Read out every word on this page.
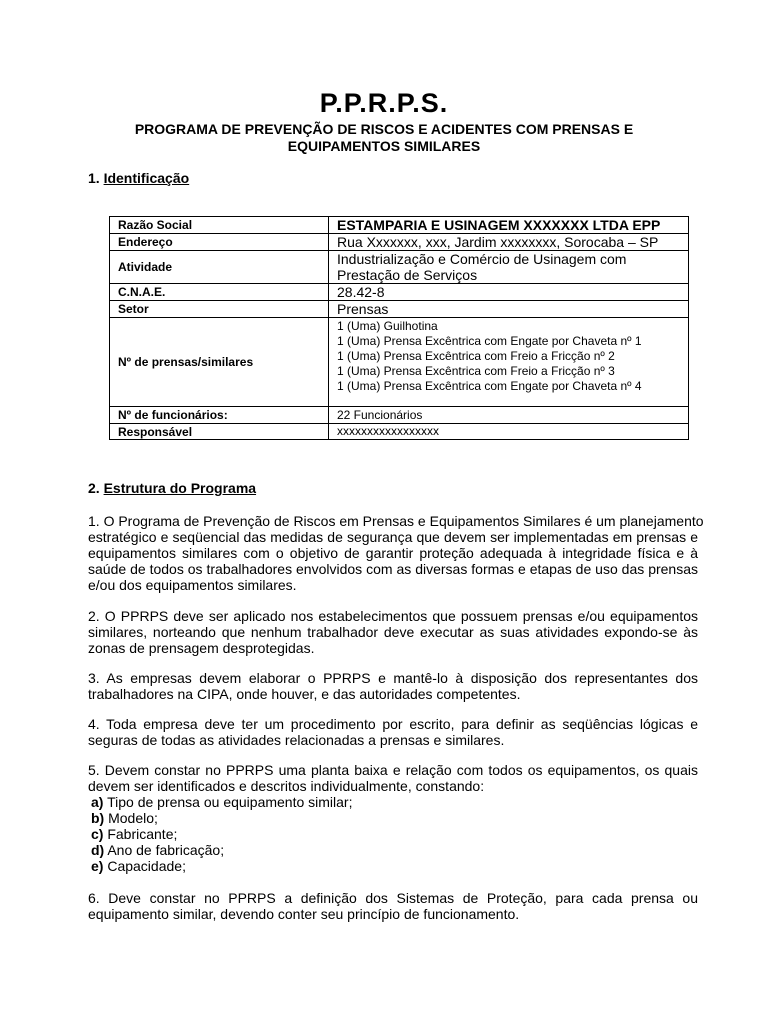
P.P.R.P.S.
PROGRAMA DE PREVENÇÃO DE RISCOS E ACIDENTES COM PRENSAS E
EQUIPAMENTOS SIMILARES
1. Identificação
Razão Social	ESTAMPARIA E USINAGEM XXXXXXX LTDA EPP
Endereço	Rua Xxxxxxx, xxx, Jardim xxxxxxxx, Sorocaba – SP
Atividade	Industrialização e Comércio de Usinagem com
Prestação de Serviços

C.N.A.E.	28.42-8
Setor	Prensas
Nº de prensas/similares	1 (Uma) Guilhotina
1 (Uma) Prensa Excêntrica com Engate por Chaveta nº 1
1 (Uma) Prensa Excêntrica com Freio a Fricção nº 2
1 (Uma) Prensa Excêntrica com Freio a Fricção nº 3
1 (Uma) Prensa Excêntrica com Engate por Chaveta nº 4

Nº de funcionários:	22 Funcionários
Responsável	xxxxxxxxxxxxxxxxx
2. Estrutura do Programa
1. O Programa de Prevenção de Riscos em Prensas e Equipamentos Similares é um planejamento
estratégico e seqüencial das medidas de segurança que devem ser implementadas em prensas e
equipamentos similares com o objetivo de garantir proteção adequada à integridade física e à
saúde de todos os trabalhadores envolvidos com as diversas formas e etapas de uso das prensas
e/ou dos equipamentos similares.
2. O PPRPS deve ser aplicado nos estabelecimentos que possuem prensas e/ou equipamentos
similares, norteando que nenhum trabalhador deve executar as suas atividades expondo-se às
zonas de prensagem desprotegidas.
3. As empresas devem elaborar o PPRPS e mantê-lo à disposição dos representantes dos
trabalhadores na CIPA, onde houver, e das autoridades competentes.
4. Toda empresa deve ter um procedimento por escrito, para definir as seqüências lógicas e
seguras de todas as atividades relacionadas a prensas e similares.
5. Devem constar no PPRPS uma planta baixa e relação com todos os equipamentos, os quais
devem ser identificados e descritos individualmente, constando:
a) Tipo de prensa ou equipamento similar;
b) Modelo;
c) Fabricante;
d) Ano de fabricação;
e) Capacidade;
6. Deve constar no PPRPS a definição dos Sistemas de Proteção, para cada prensa ou
equipamento similar, devendo conter seu princípio de funcionamento.
